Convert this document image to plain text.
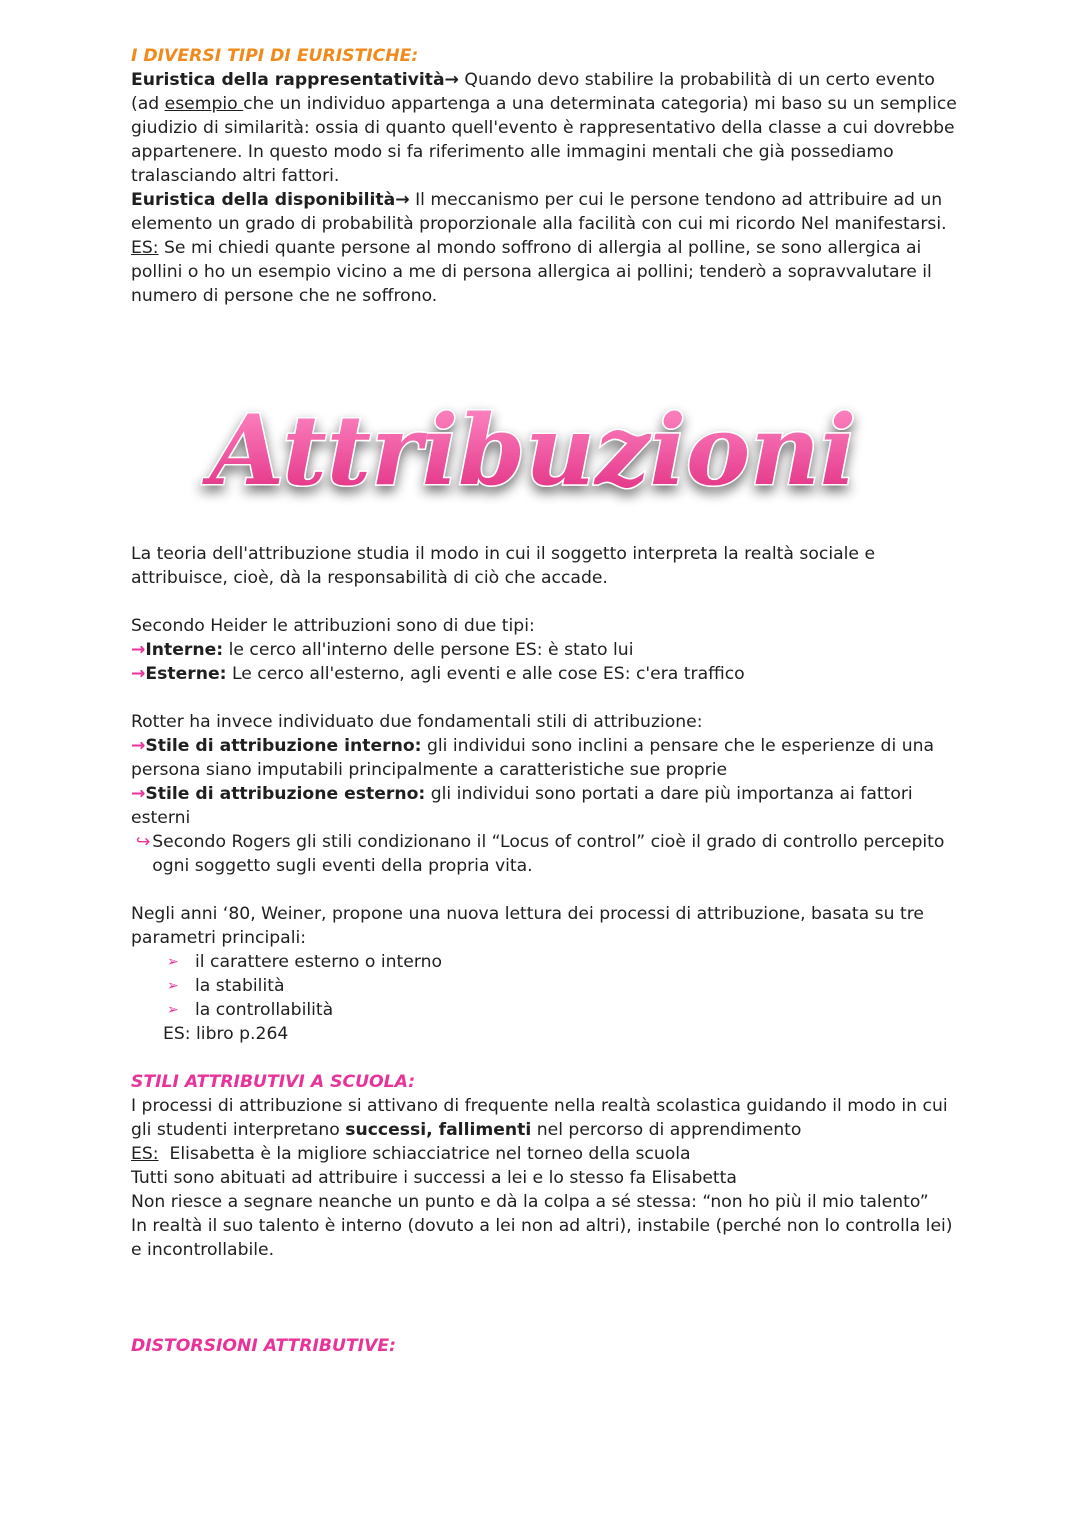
I DIVERSI TIPI DI EURISTICHE:

Euristica della rappresentatività→ Quando devo stabilire la probabilità di un certo evento (ad esempio che un individuo appartenga a una determinata categoria) mi baso su un semplice giudizio di similarità: ossia di quanto quell'evento è rappresentativo della classe a cui dovrebbe appartenere. In questo modo si fa riferimento alle immagini mentali che già possediamo tralasciando altri fattori.

Euristica della disponibilità→ Il meccanismo per cui le persone tendono ad attribuire ad un elemento un grado di probabilità proporzionale alla facilità con cui mi ricordo Nel manifestarsi.

ES: Se mi chiedi quante persone al mondo soffrono di allergia al polline, se sono allergica ai pollini o ho un esempio vicino a me di persona allergica ai pollini; tenderò a sopravvalutare il numero di persone che ne soffrono.

Attribuzioni

La teoria dell'attribuzione studia il modo in cui il soggetto interpreta la realtà sociale e attribuisce, cioè, dà la responsabilità di ciò che accade.

Secondo Heider le attribuzioni sono di due tipi:

→Interne: le cerco all'interno delle persone ES: è stato lui

→Esterne: Le cerco all'esterno, agli eventi e alle cose ES: c'era traffico

Rotter ha invece individuato due fondamentali stili di attribuzione:

→Stile di attribuzione interno: gli individui sono inclini a pensare che le esperienze di una persona siano imputabili principalmente a caratteristiche sue proprie

→Stile di attribuzione esterno: gli individui sono portati a dare più importanza ai fattori esterni

↪ Secondo Rogers gli stili condizionano il “Locus of control” cioè il grado di controllo percepito ogni soggetto sugli eventi della propria vita.

Negli anni ‘80, Weiner, propone una nuova lettura dei processi di attribuzione, basata su tre parametri principali:

➢ il carattere esterno o interno
➢ la stabilità
➢ la controllabilità

ES: libro p.264

STILI ATTRIBUTIVI A SCUOLA:

I processi di attribuzione si attivano di frequente nella realtà scolastica guidando il modo in cui gli studenti interpretano successi, fallimenti nel percorso di apprendimento

ES:  Elisabetta è la migliore schiacciatrice nel torneo della scuola

Tutti sono abituati ad attribuire i successi a lei e lo stesso fa Elisabetta

Non riesce a segnare neanche un punto e dà la colpa a sé stessa: “non ho più il mio talento”

In realtà il suo talento è interno (dovuto a lei non ad altri), instabile (perché non lo controlla lei) e incontrollabile.

DISTORSIONI ATTRIBUTIVE:
